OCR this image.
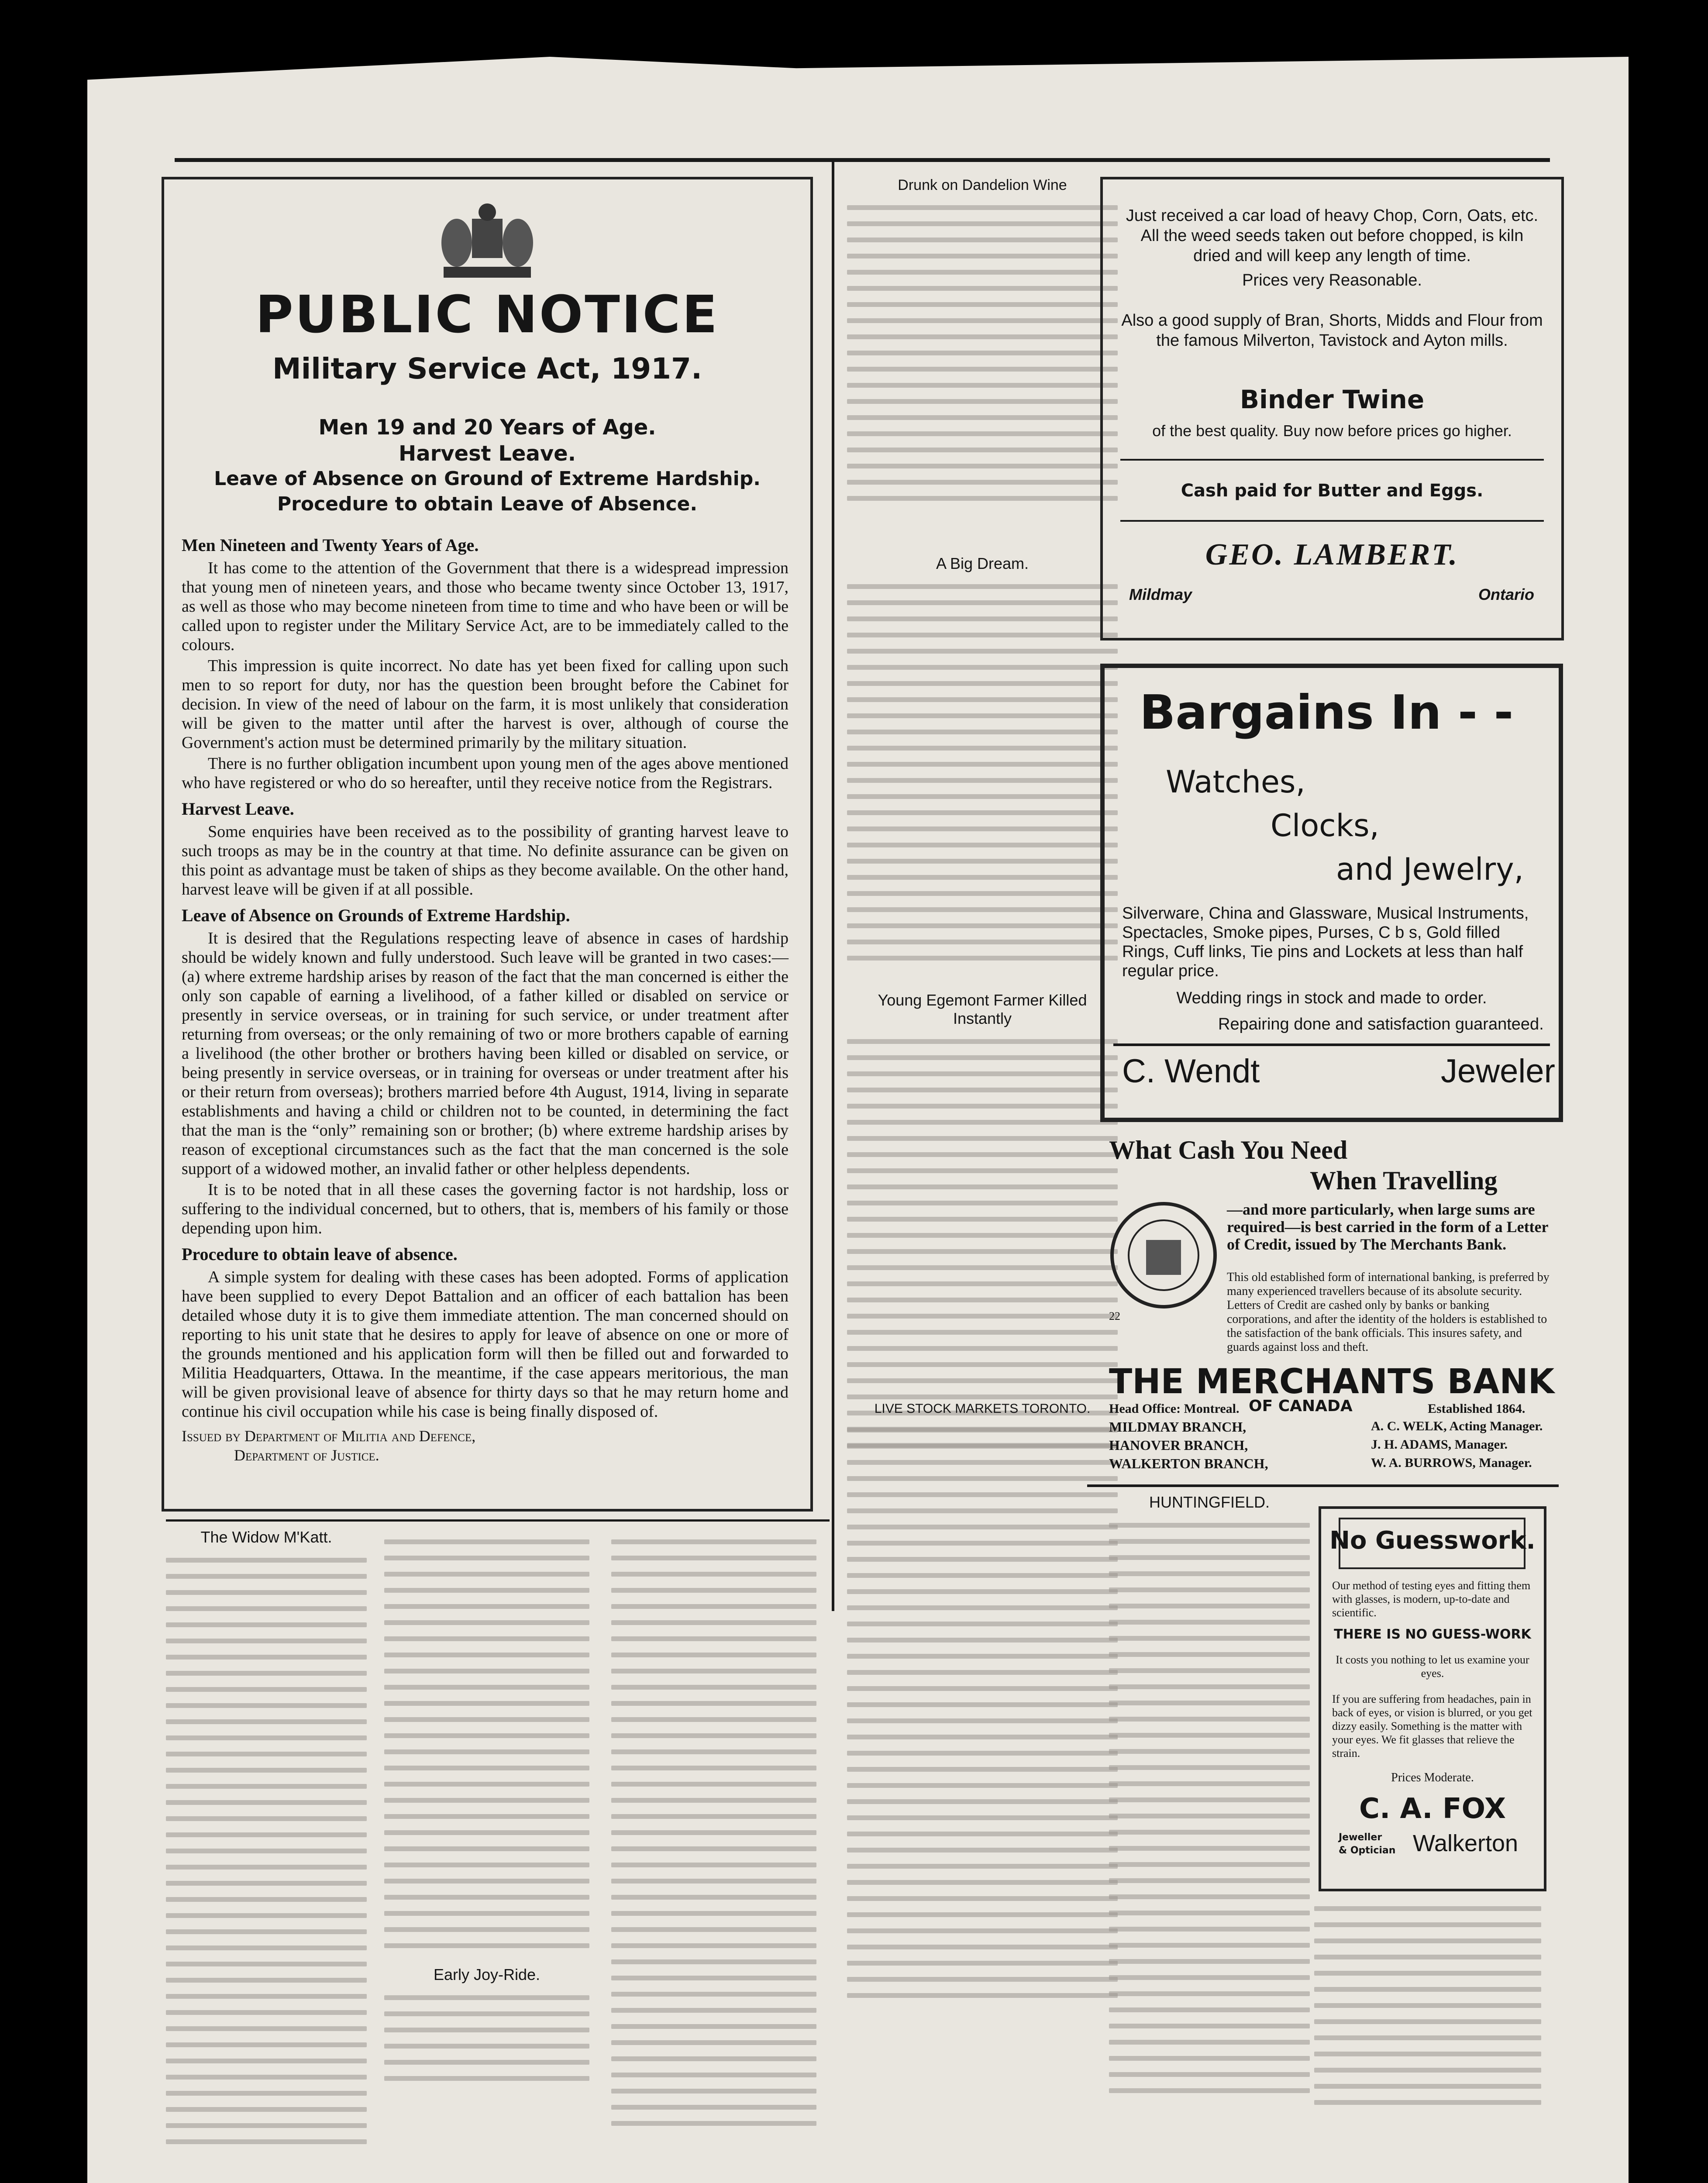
PUBLIC NOTICE
Military Service Act, 1917.
Men 19 and 20 Years of Age.
Harvest Leave.
Leave of Absence on Ground of Extreme Hardship.
Procedure to obtain Leave of Absence.
Men Nineteen and Twenty Years of Age.

It has come to the attention of the Government that there is a widespread impression that young men of nineteen years, and those who became twenty since October 13, 1917, as well as those who may become nineteen from time to time and who have been or will be called upon to register under the Military Service Act, are to be immediately called to the colours.

This impression is quite incorrect. No date has yet been fixed for calling upon such men to so report for duty, nor has the question been brought before the Cabinet for decision. In view of the need of labour on the farm, it is most unlikely that consideration will be given to the matter until after the harvest is over, although of course the Government's action must be determined primarily by the military situation.

There is no further obligation incumbent upon young men of the ages above mentioned who have registered or who do so hereafter, until they receive notice from the Registrars.

Harvest Leave.

Some enquiries have been received as to the possibility of granting harvest leave to such troops as may be in the country at that time. No definite assurance can be given on this point as advantage must be taken of ships as they become available. On the other hand, harvest leave will be given if at all possible.

Leave of Absence on Grounds of Extreme Hardship.

It is desired that the Regulations respecting leave of absence in cases of hardship should be widely known and fully understood. Such leave will be granted in two cases:— (a) where extreme hardship arises by reason of the fact that the man concerned is either the only son capable of earning a livelihood, of a father killed or disabled on service or presently in service overseas, or in training for such service, or under treatment after returning from overseas; or the only remaining of two or more brothers capable of earning a livelihood (the other brother or brothers having been killed or disabled on service, or being presently in service overseas, or in training for overseas or under treatment after his or their return from overseas); brothers married before 4th August, 1914, living in separate establishments and having a child or children not to be counted, in determining the fact that the man is the “only” remaining son or brother; (b) where extreme hardship arises by reason of exceptional circumstances such as the fact that the man concerned is the sole support of a widowed mother, an invalid father or other helpless dependents.

It is to be noted that in all these cases the governing factor is not hardship, loss or suffering to the individual concerned, but to others, that is, members of his family or those depending upon him.

Procedure to obtain leave of absence.

A simple system for dealing with these cases has been adopted. Forms of application have been supplied to every Depot Battalion and an officer of each battalion has been detailed whose duty it is to give them immediate attention. The man concerned should on reporting to his unit state that he desires to apply for leave of absence on one or more of the grounds mentioned and his application form will then be filled out and forwarded to Militia Headquarters, Ottawa. In the meantime, if the case appears meritorious, the man will be given provisional leave of absence for thirty days so that he may return home and continue his civil occupation while his case is being finally disposed of.

Issued by Department of Militia and Defence,
Department of Justice.
Drunk on Dandelion Wine
A Big Dream.
Young Egemont Farmer Killed Instantly
LIVE STOCK MARKETS TORONTO.
Just received a car load of heavy Chop, Corn, Oats, etc. All the weed seeds taken out before chopped, is kiln dried and will keep any length of time.
Prices very Reasonable.
Also a good supply of Bran, Shorts, Midds and Flour from the famous Milverton, Tavistock and Ayton mills.
Binder Twine
of the best quality. Buy now before prices go higher.
Cash paid for Butter and Eggs.
GEO. LAMBERT.
Mildmay	Ontario
Bargains In - -
Watches,
Clocks,
and Jewelry,
Silverware, China and Glassware, Musical Instruments, Spectacles, Smoke pipes, Purses, C b s, Gold filled Rings, Cuff links, Tie pins and Lockets at less than half regular price.
Wedding rings in stock and made to order.
Repairing done and satisfaction guaranteed.
C. Wendt	Jeweler
What Cash You Need
When Travelling
22
—and more particularly, when large sums are required—is best carried in the form of a Letter of Credit, issued by The Merchants Bank.
This old established form of international banking, is preferred by many experienced travellers because of its absolute security. Letters of Credit are cashed only by banks or banking corporations, and after the identity of the holders is established to the satisfaction of the bank officials. This insures safety, and guards against loss and theft.
THE MERCHANTS BANK
OF CANADA
Head Office: Montreal.	Established 1864.
MILDMAY BRANCH,	A. C. WELK, Acting Manager.
HANOVER BRANCH,	J. H. ADAMS, Manager.
WALKERTON BRANCH,	W. A. BURROWS, Manager.
HUNTINGFIELD.
No Guesswork.
Our method of testing eyes and fitting them with glasses, is modern, up-to-date and scientific.
THERE IS NO GUESS-WORK
It costs you nothing to let us examine your eyes.
If you are suffering from headaches, pain in back of eyes, or vision is blurred, or you get dizzy easily. Something is the matter with your eyes. We fit glasses that relieve the strain.
Prices Moderate.
C. A. FOX
Jeweller
& Optician Walkerton
The Widow M'Katt.
Early Joy-Ride.
